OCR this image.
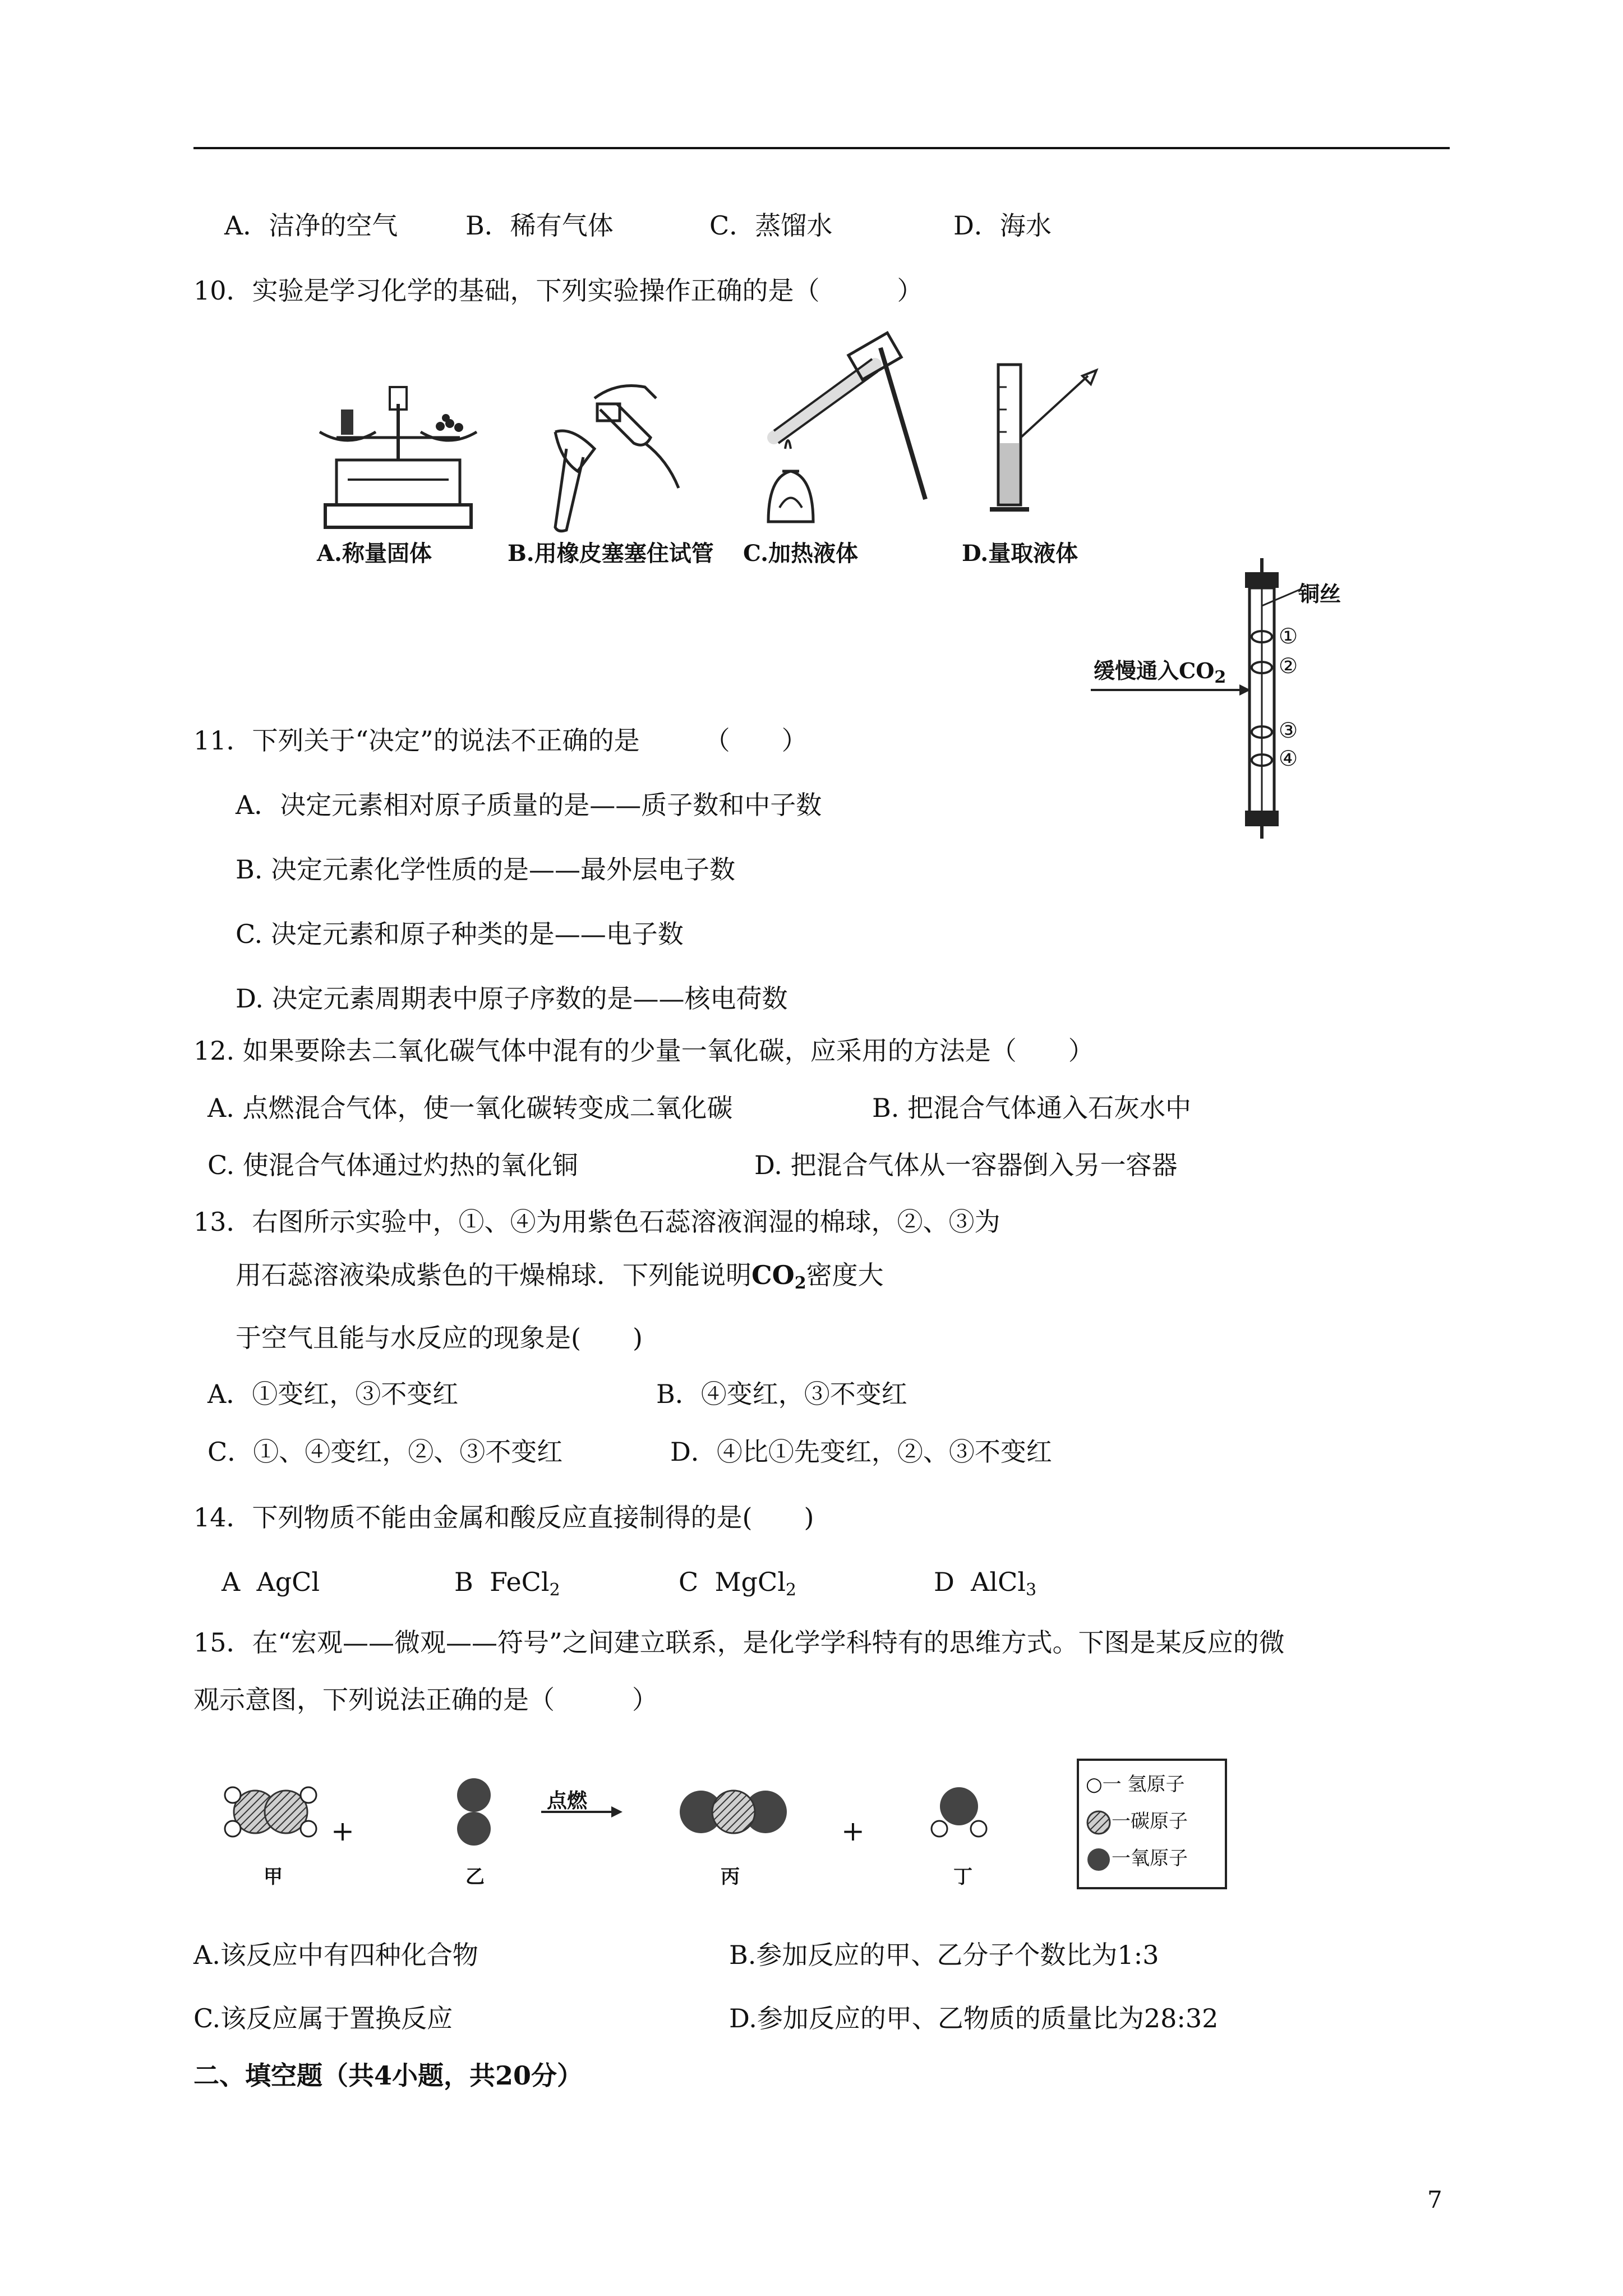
A．洁净的空气	B．稀有气体	C．蒸馏水	D．海水
10．实验是学习化学的基础，下列实验操作正确的是（　　　）
A.称量固体	B.用橡皮塞塞住试管 C.加热液体	D.量取液体
铜丝
①
②
③
④
缓慢通入$CO_2$
11．下列关于“决定”的说法不正确的是　　　（　　）
A．决定元素相对原子质量的是——质子数和中子数
B. 决定元素化学性质的是——最外层电子数
C. 决定元素和原子种类的是——电子数
D. 决定元素周期表中原子序数的是——核电荷数
12. 如果要除去二氧化碳气体中混有的少量一氧化碳，应采用的方法是（　　）
A. 点燃混合气体，使一氧化碳转变成二氧化碳	B. 把混合气体通入石灰水中
C. 使混合气体通过灼热的氧化铜	D. 把混合气体从一容器倒入另一容器
13．右图所示实验中，①、④为用紫色石蕊溶液润湿的棉球，②、③为
用石蕊溶液染成紫色的干燥棉球．下列能说明$CO_2$密度大
于空气且能与水反应的现象是(　　)
A．①变红，③不变红	B．④变红，③不变红
C．①、④变红，②、③不变红	D．④比①先变红，②、③不变红
14．下列物质不能由金属和酸反应直接制得的是(　　)
A AgCl	B FeCl$_2$	C MgCl$_2$	D AlCl$_3$
15．在“宏观——微观——符号”之间建立联系，是化学学科特有的思维方式。下图是某反应的微
观示意图，下列说法正确的是（　　　）
+	+
点燃
甲	乙	丙	丁
○一 氢原子
一碳原子
一氧原子
A.该反应中有四种化合物	B.参加反应的甲、乙分子个数比为1:3
C.该反应属于置换反应	D.参加反应的甲、乙物质的质量比为28:32
二、填空题（共4小题，共20分）
7
